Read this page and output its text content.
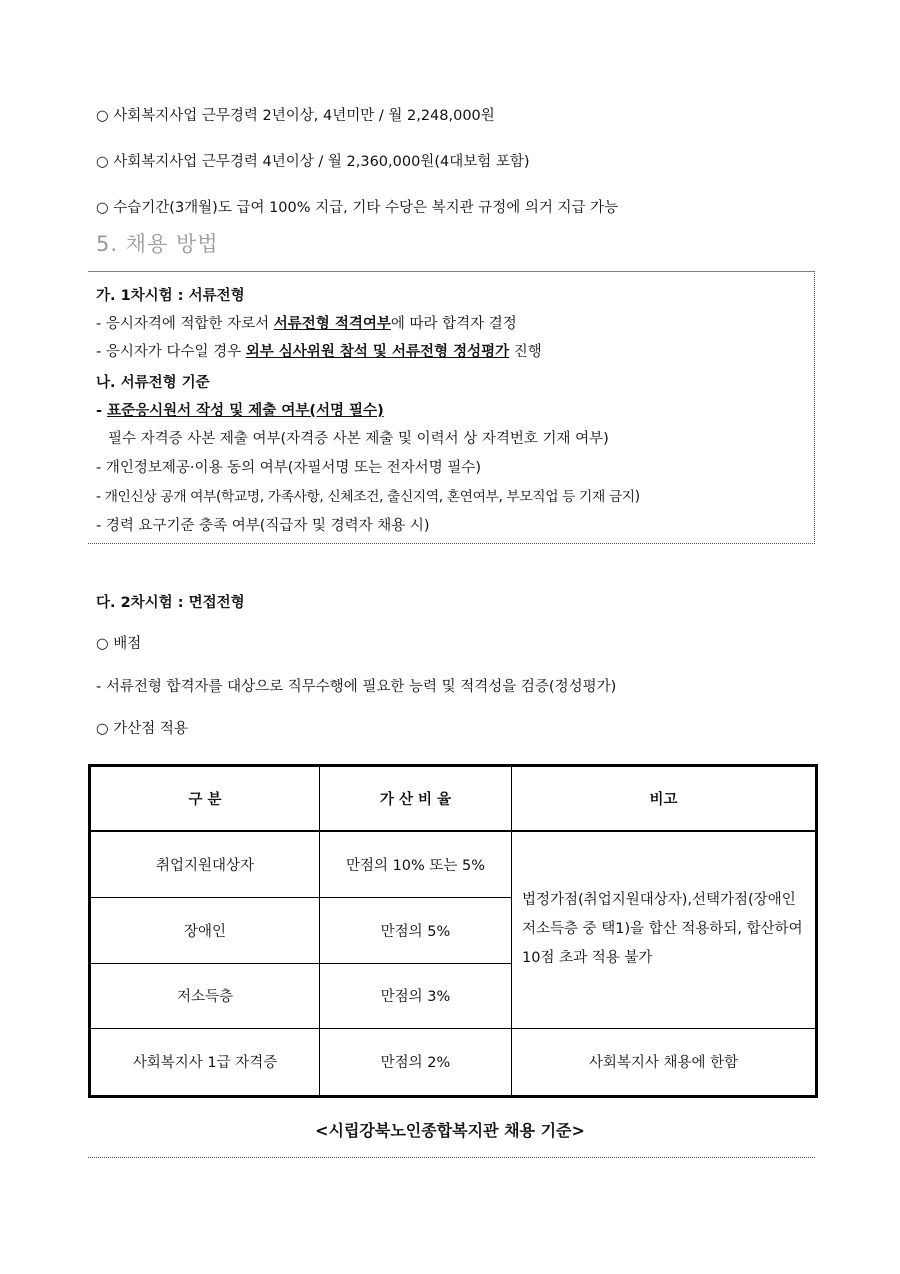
○ 사회복지사업 근무경력 2년이상, 4년미만 / 월 2,248,000원
○ 사회복지사업 근무경력 4년이상 / 월 2,360,000원(4대보험 포함)
○ 수습기간(3개월)도 급여 100% 지급, 기타 수당은 복지관 규정에 의거 지급 가능
5. 채용 방법
가. 1차시험 : 서류전형
- 응시자격에 적합한 자로서 서류전형 적격여부에 따라 합격자 결정
- 응시자가 다수일 경우 외부 심사위원 참석 및 서류전형 정성평가 진행
나. 서류전형 기준
- 표준응시원서 작성 및 제출 여부(서명 필수)
필수 자격증 사본 제출 여부(자격증 사본 제출 및 이력서 상 자격번호 기재 여부)
- 개인정보제공·이용 동의 여부(자필서명 또는 전자서명 필수)
- 개인신상 공개 여부(학교명, 가족사항, 신체조건, 출신지역, 혼연여부, 부모직업 등 기재 금지)
- 경력 요구기준 충족 여부(직급자 및 경력자 채용 시)
다. 2차시험 : 면접전형
○ 배점
- 서류전형 합격자를 대상으로 직무수행에 필요한 능력 및 적격성을 검증(정성평가)
○ 가산점 적용
구 분	가 산 비 율	비고
취업지원대상자	만점의 10% 또는 5%	법정가점(취업지원대상자),선택가점(장애인 저소득층 중 택1)을 합산 적용하되, 합산하여 10점 초과 적용 불가
장애인	만점의 5%	
저소득층	만점의 3%	
사회복지사 1급 자격증	만점의 2%	사회복지사 채용에 한함
<시립강북노인종합복지관 채용 기준>
